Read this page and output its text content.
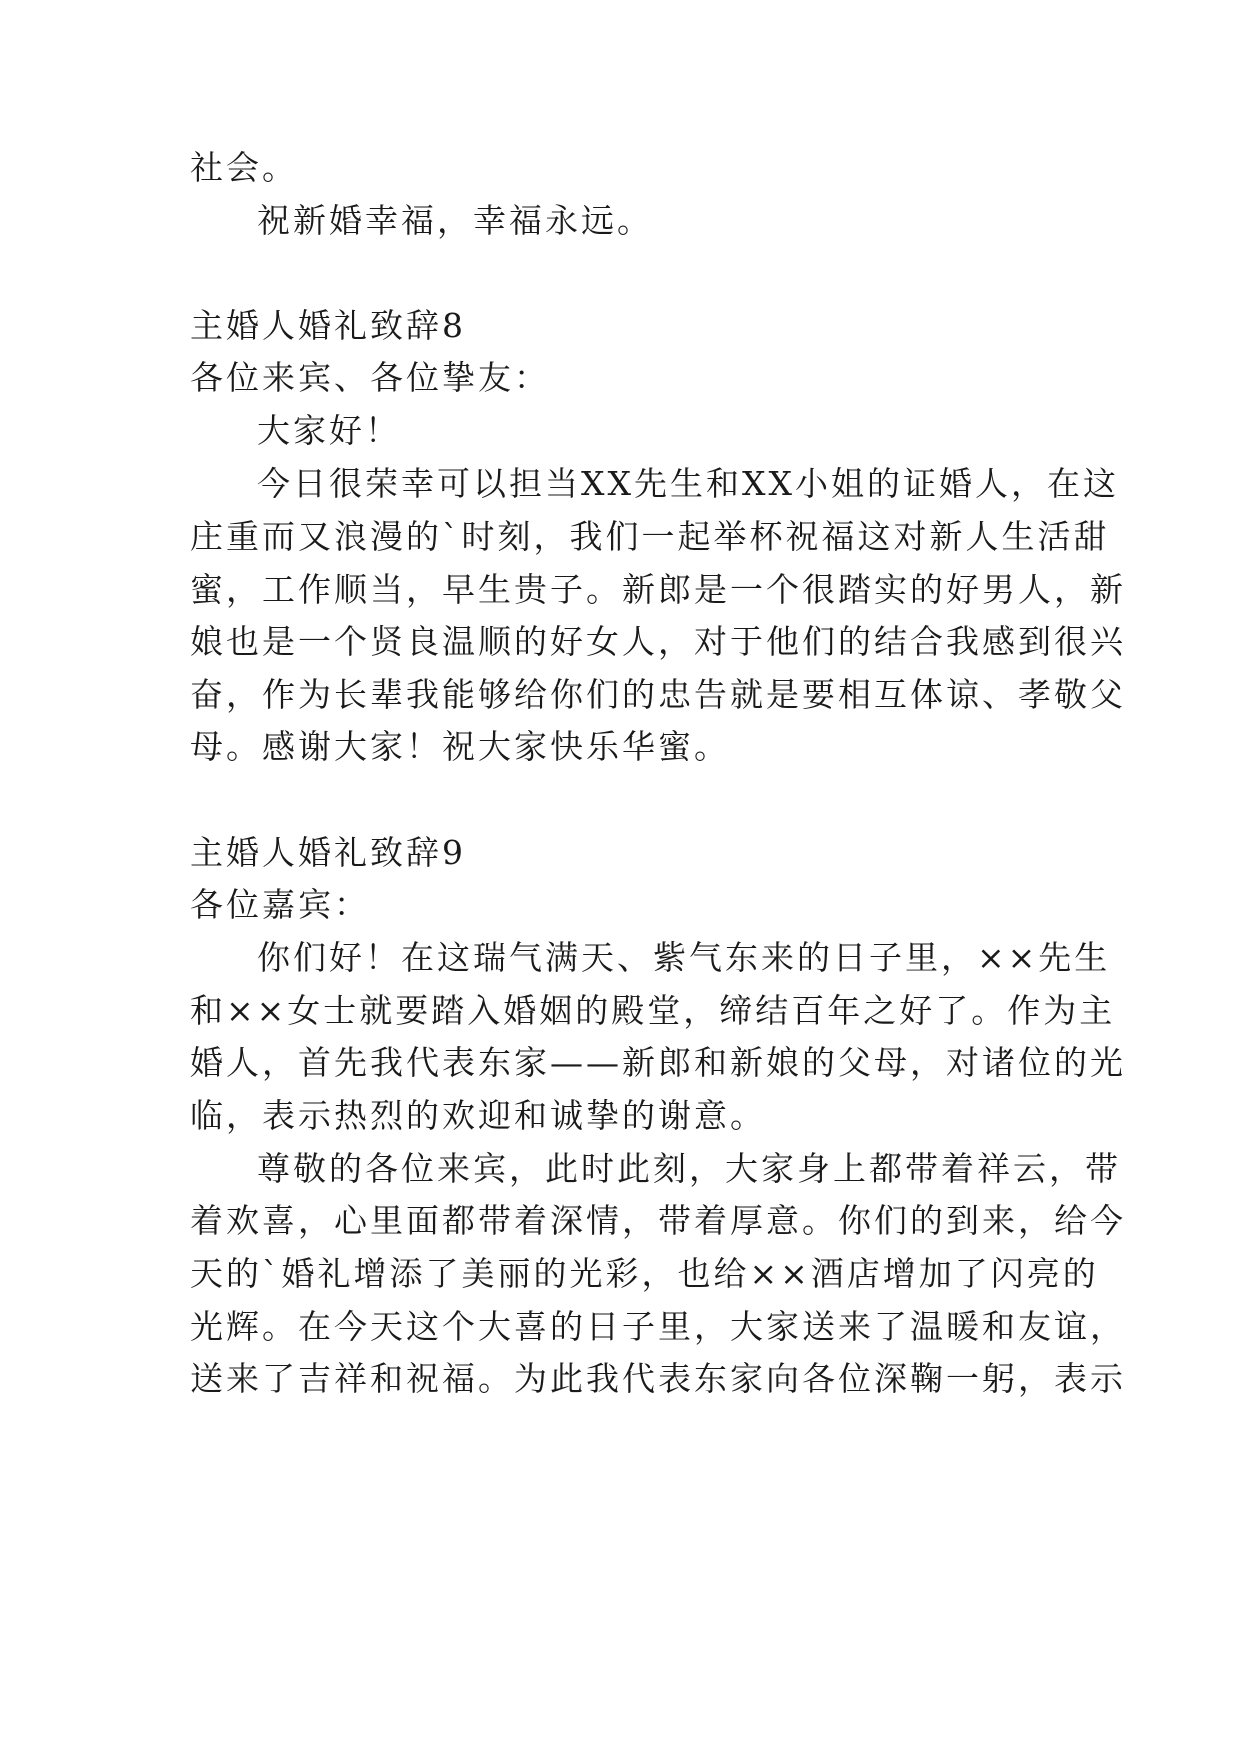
社会。
祝新婚幸福，幸福永远。
主婚人婚礼致辞8
各位来宾、各位挚友：
大家好！
今日很荣幸可以担当XX先生和XX小姐的证婚人，在这
庄重而又浪漫的`时刻，我们一起举杯祝福这对新人生活甜
蜜，工作顺当，早生贵子。新郎是一个很踏实的好男人，新
娘也是一个贤良温顺的好女人，对于他们的结合我感到很兴
奋，作为长辈我能够给你们的忠告就是要相互体谅、孝敬父
母。感谢大家！祝大家快乐华蜜。
主婚人婚礼致辞9
各位嘉宾：
你们好！在这瑞气满天、紫气东来的日子里，××先生
和××女士就要踏入婚姻的殿堂，缔结百年之好了。作为主
婚人，首先我代表东家——新郎和新娘的父母，对诸位的光
临，表示热烈的欢迎和诚挚的谢意。
尊敬的各位来宾，此时此刻，大家身上都带着祥云，带
着欢喜，心里面都带着深情，带着厚意。你们的到来，给今
天的`婚礼增添了美丽的光彩，也给××酒店增加了闪亮的
光辉。在今天这个大喜的日子里，大家送来了温暖和友谊，
送来了吉祥和祝福。为此我代表东家向各位深鞠一躬，表示
